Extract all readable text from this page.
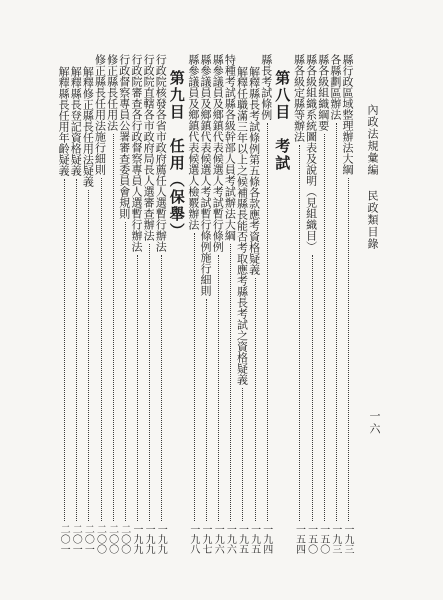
內政法規彙編民政類目錄
一六
縣行政區域整理辦法大綱
一九三
各縣劃區辦法
一九三
縣各級組織綱要
一五〇
縣各級組織系統圖表及說明（見組織目）
一五〇
縣各級定縣等辦法
一五四
第八目　考試
縣長考試條例
一九四
解釋縣長考試條例第五條各款應考資格疑義
一九五
解釋任職滿三年以上之候補縣長能否考取應考縣長考試之資格疑義
一九五
特種考試縣各級幹部人員考試辦法大綱
一九六
縣參議員及鄉鎮代表候選人考試暫行條例
一九六
縣參議員及鄉鎮代表候選人考試暫行條例施行細則
一九七
縣參議員及鄉鎮代表候選人檢覈辦法
一九八
第九目　任用（保舉）
行政院核發各省市政府薦任人選暫行辦法
一九九
行政院直轄各市政府局長人選審查辦法
一九九
行政院審查各行政督察專員人選暫行辦法
一九九
行政督察專員公署審查委員會規則
二〇〇
修正縣長任用法
二〇〇
修正縣長任用法施行細則
二〇〇
解釋修正縣長任用法疑義
二〇一
解釋縣長登記資格疑義
二〇一
解釋縣長任用年齡疑義
二〇一
